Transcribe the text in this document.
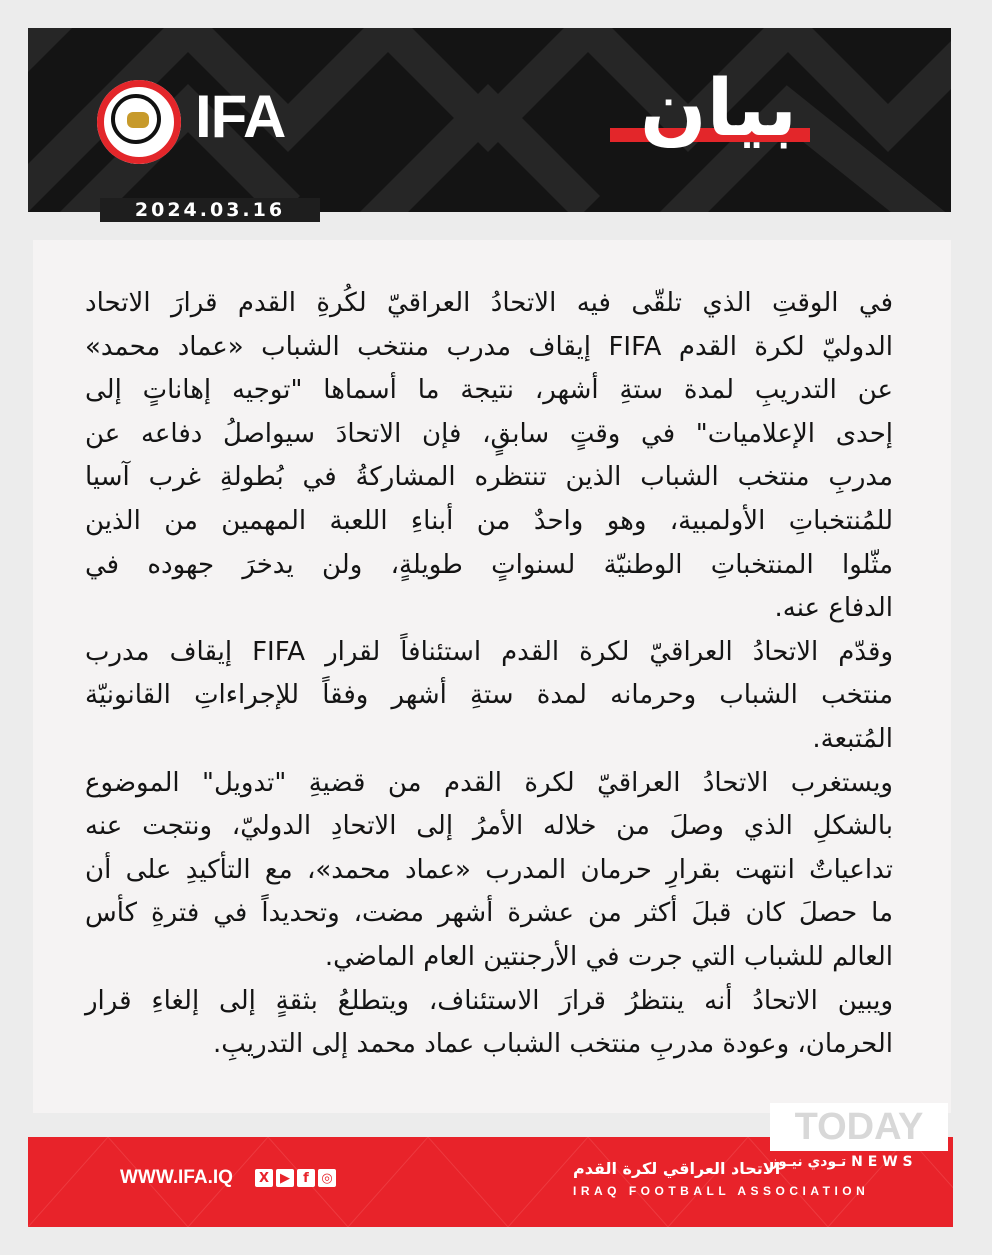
IFA	بيان
2024.03.16
في الوقتِ الذي تلقّى فيه الاتحادُ العراقيّ لكُرةِ القدم قرارَ الاتحاد
الدوليّ لكرة القدم FIFA إيقاف مدرب منتخب الشباب «عماد محمد»
عن التدريبِ لمدة ستةِ أشهر، نتيجة ما أسماها "توجيه إهاناتٍ إلى
إحدى الإعلاميات" في وقتٍ سابقٍ، فإن الاتحادَ سيواصلُ دفاعه عن
مدربِ منتخب الشباب الذين تنتظره المشاركةُ في بُطولةِ غرب آسيا
للمُنتخباتِ الأولمبية، وهو واحدٌ من أبناءِ اللعبة المهمين من الذين
مثّلوا المنتخباتِ الوطنيّة لسنواتٍ طويلةٍ، ولن يدخرَ جهوده في
الدفاع عنه.
وقدّم الاتحادُ العراقيّ لكرة القدم استئنافاً لقرار FIFA إيقاف مدرب
منتخب الشباب وحرمانه لمدة ستةِ أشهر وفقاً للإجراءاتِ القانونيّة
المُتبعة.
ويستغرب الاتحادُ العراقيّ لكرة القدم من قضيةِ "تدويل" الموضوع
بالشكلِ الذي وصلَ من خلاله الأمرُ إلى الاتحادِ الدوليّ، ونتجت عنه
تداعياتٌ انتهت بقرارِ حرمان المدرب «عماد محمد»، مع التأكيدِ على أن
ما حصلَ كان قبلَ أكثر من عشرة أشهر مضت، وتحديداً في فترةِ كأس
العالم للشباب التي جرت في الأرجنتين العام الماضي.
ويبين الاتحادُ أنه ينتظرُ قرارَ الاستئناف، ويتطلعُ بثقةٍ إلى إلغاءِ قرار
الحرمان، وعودة مدربِ منتخب الشباب عماد محمد إلى التدريبِ.
WWW.IFA.IQ	X ▶	f ◎	الاتحاد العراقي لكرة القدم
IRAQ FOOTBALL ASSOCIATION
TODAY
تـودي نيـوز N E W S
